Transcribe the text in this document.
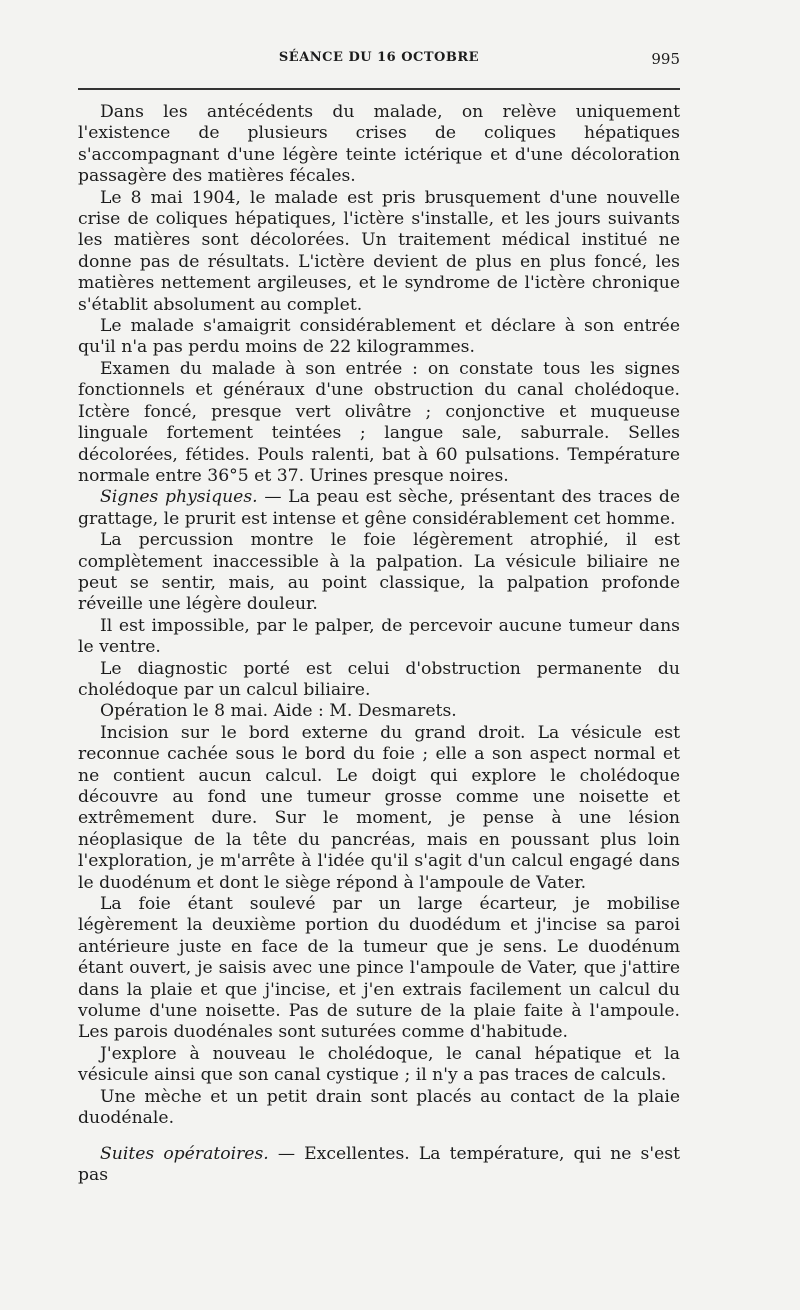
SÉANCE DU 16 OCTOBRE	995

Dans les antécédents du malade, on relève uniquement l'existence de plusieurs crises de coliques hépatiques s'accompagnant d'une légère teinte ictérique et d'une décoloration passagère des matières fécales.

Le 8 mai 1904, le malade est pris brusquement d'une nouvelle crise de coliques hépatiques, l'ictère s'installe, et les jours suivants les matières sont décolorées. Un traitement médical institué ne donne pas de résultats. L'ictère devient de plus en plus foncé, les matières nettement argileuses, et le syndrome de l'ictère chronique s'établit absolument au complet.

Le malade s'amaigrit considérablement et déclare à son entrée qu'il n'a pas perdu moins de 22 kilogrammes.

Examen du malade à son entrée : on constate tous les signes fonctionnels et généraux d'une obstruction du canal cholédoque. Ictère foncé, presque vert olivâtre ; conjonctive et muqueuse linguale fortement teintées ; langue sale, saburrale. Selles décolorées, fétides. Pouls ralenti, bat à 60 pulsations. Température normale entre 36°5 et 37. Urines presque noires.

Signes physiques. — La peau est sèche, présentant des traces de grattage, le prurit est intense et gêne considérablement cet homme.

La percussion montre le foie légèrement atrophié, il est complètement inaccessible à la palpation. La vésicule biliaire ne peut se sentir, mais, au point classique, la palpation profonde réveille une légère douleur.

Il est impossible, par le palper, de percevoir aucune tumeur dans le ventre.

Le diagnostic porté est celui d'obstruction permanente du cholédoque par un calcul biliaire.

Opération le 8 mai. Aide : M. Desmarets.

Incision sur le bord externe du grand droit. La vésicule est reconnue cachée sous le bord du foie ; elle a son aspect normal et ne contient aucun calcul. Le doigt qui explore le cholédoque découvre au fond une tumeur grosse comme une noisette et extrêmement dure. Sur le moment, je pense à une lésion néoplasique de la tête du pancréas, mais en poussant plus loin l'exploration, je m'arrête à l'idée qu'il s'agit d'un calcul engagé dans le duodénum et dont le siège répond à l'ampoule de Vater.

La foie étant soulevé par un large écarteur, je mobilise légèrement la deuxième portion du duodédum et j'incise sa paroi antérieure juste en face de la tumeur que je sens. Le duodénum étant ouvert, je saisis avec une pince l'ampoule de Vater, que j'attire dans la plaie et que j'incise, et j'en extrais facilement un calcul du volume d'une noisette. Pas de suture de la plaie faite à l'ampoule. Les parois duodénales sont suturées comme d'habitude.

J'explore à nouveau le cholédoque, le canal hépatique et la vésicule ainsi que son canal cystique ; il n'y a pas traces de calculs.

Une mèche et un petit drain sont placés au contact de la plaie duodénale.

Suites opératoires. — Excellentes. La température, qui ne s'est pas
